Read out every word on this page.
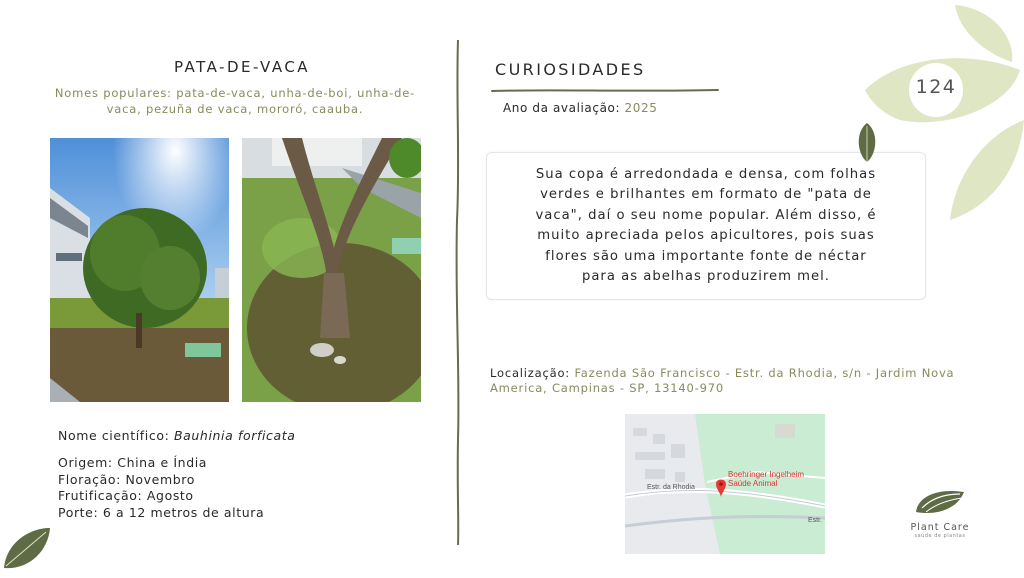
PATA-DE-VACA
Nomes populares: pata-de-vaca, unha-de-boi, unha-de-vaca, pezuña de vaca, mororó, caauba.
Nome científico: Bauhinia forficata
Origem: China e Índia
Floração: Novembro
Frutificação: Agosto
Porte: 6 a 12 metros de altura
CURIOSIDADES
Ano da avaliação: 2025

Sua copa é arredondada e densa, com folhas verdes e brilhantes em formato de "pata de vaca", daí o seu nome popular. Além disso, é muito apreciada pelos apicultores, pois suas flores são uma importante fonte de néctar para as abelhas produzirem mel.

Localização: Fazenda São Francisco - Estr. da Rhodia, s/n - Jardim Nova America, Campinas - SP, 13140-970
Boehringer Ingelheim
Saúde Animal
Estr. da Rhodia
Estr.
124
Plant Care
saúde de plantas
